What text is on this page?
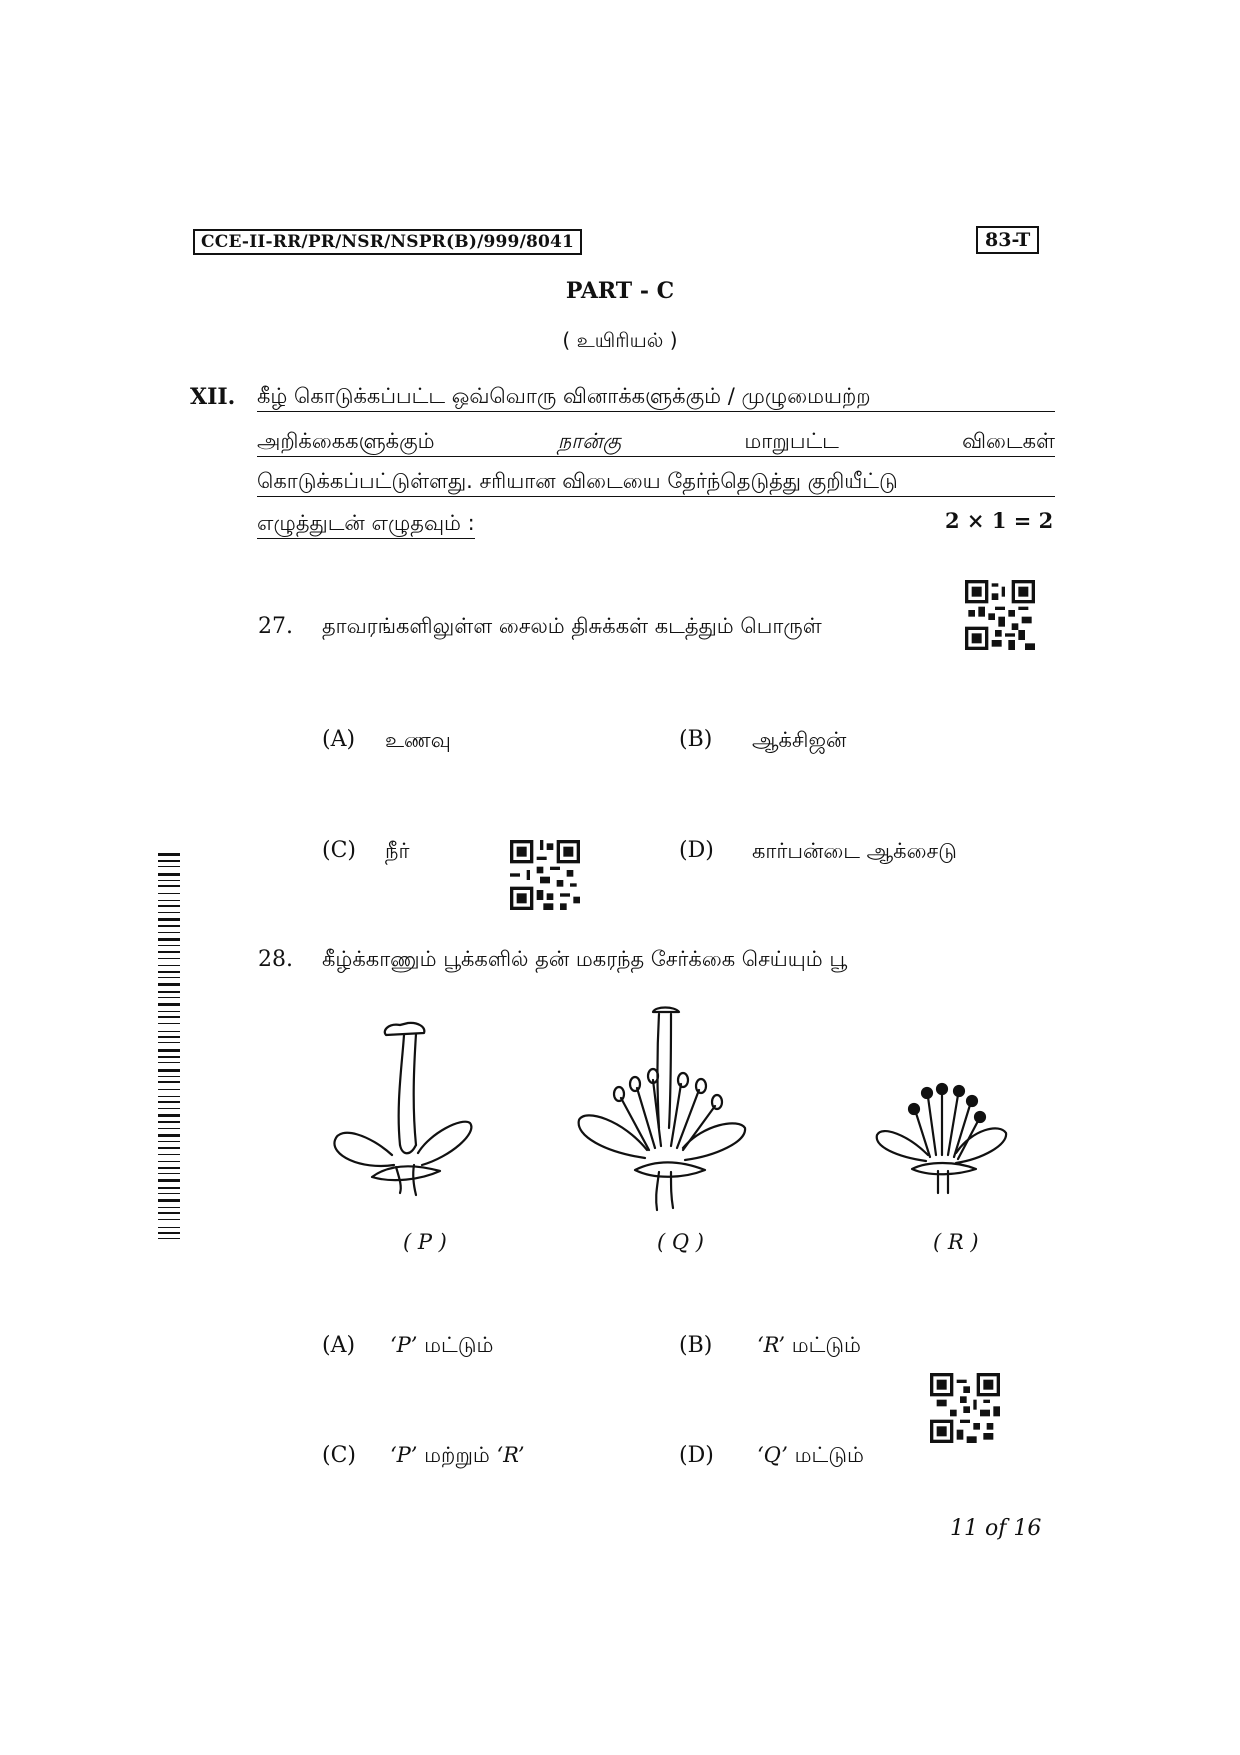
CCE-II-RR/PR/NSR/NSPR(B)/999/8041	83-T
PART - C
( உயிரியல் )
XII. கீழ் கொடுக்கப்பட்ட ஒவ்வொரு வினாக்களுக்கும் / முழுமையற்ற
அறிக்கைகளுக்கும்	நான்கு	மாறுபட்ட	விடைகள்
கொடுக்கப்பட்டுள்ளது. சரியான விடையை தேர்ந்தெடுத்து குறியீட்டு
எழுத்துடன் எழுதவும் :	2 × 1 = 2
27. தாவரங்களிலுள்ள சைலம் திசுக்கள் கடத்தும் பொருள்
(A) உணவு	(B) ஆக்சிஜன்
(C) நீர்	(D) கார்பன்டை ஆக்சைடு
28. கீழ்க்காணும் பூக்களில் தன் மகரந்த சேர்க்கை செய்யும் பூ
( P )	( Q )	( R )
(A) ‘P’ மட்டும்	(B) ‘R’ மட்டும்
(C) ‘P’ மற்றும் ‘R’	(D) ‘Q’ மட்டும்
11 of 16
